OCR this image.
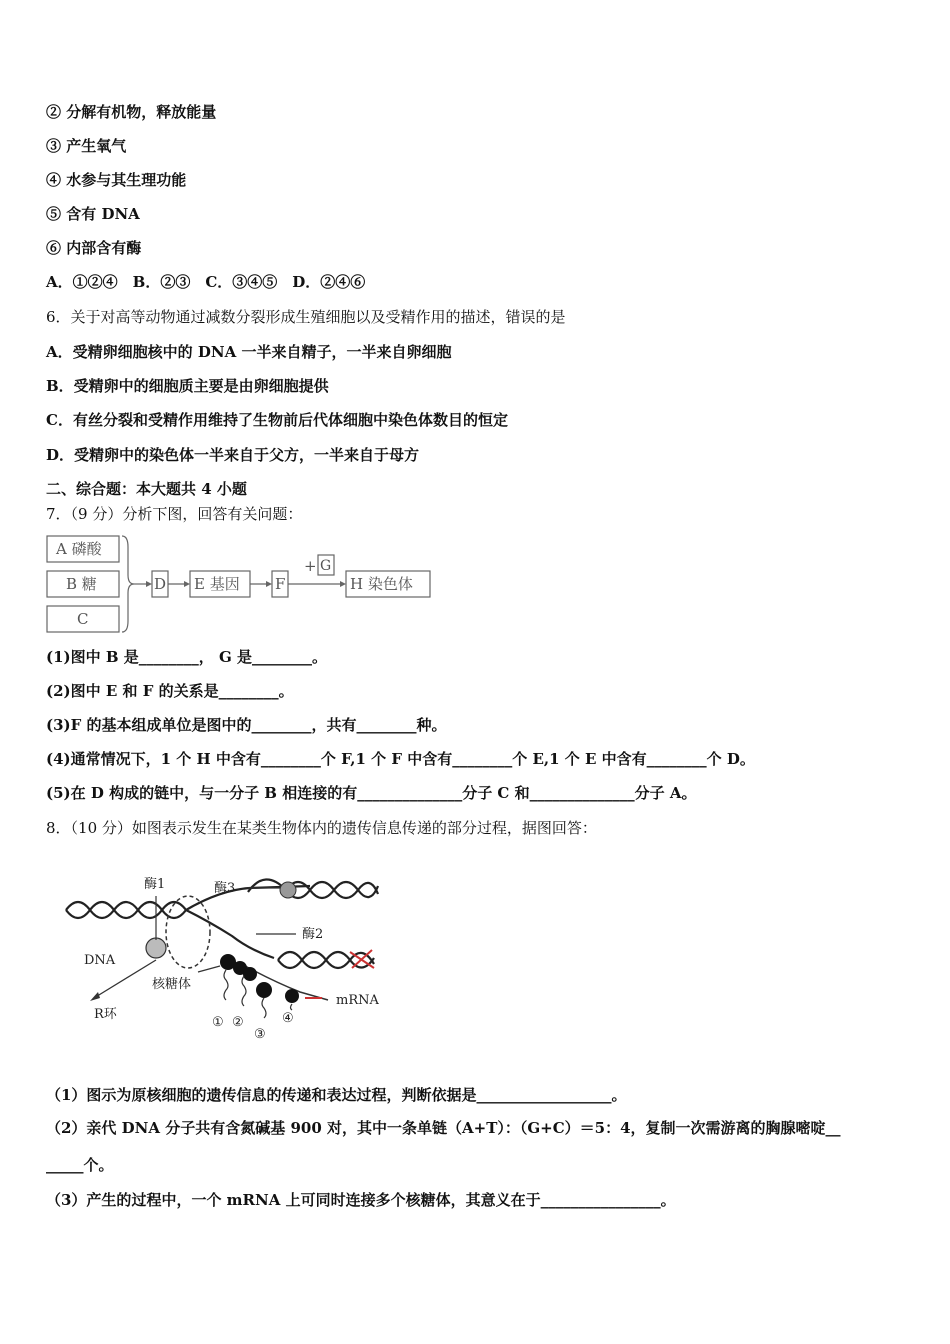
② 分解有机物，释放能量
③ 产生氧气
④ 水参与其生理功能
⑤ 含有 DNA
⑥ 内部含有酶
A．①②④　B．②③　C．③④⑤　D．②④⑥
6．关于对高等动物通过减数分裂形成生殖细胞以及受精作用的描述，错误的是
A．受精卵细胞核中的 DNA 一半来自精子，一半来自卵细胞
B．受精卵中的细胞质主要是由卵细胞提供
C．有丝分裂和受精作用维持了生物前后代体细胞中染色体数目的恒定
D．受精卵中的染色体一半来自于父方，一半来自于母方
二、综合题：本大题共 4 小题
7．（9 分）分析下图，回答有关问题：
A 磷酸
B 糖
C
D E 基因 F
+ G
H 染色体
(1)图中 B 是________， G 是________。
(2)图中 E 和 F 的关系是________。
(3)F 的基本组成单位是图中的________，共有________种。
(4)通常情况下，1 个 H 中含有________个 F,1 个 F 中含有________个 E,1 个 E 中含有________个 D。
(5)在 D 构成的链中，与一分子 B 相连接的有______________分子 C 和______________分子 A。
8．（10 分）如图表示发生在某类生物体内的遗传信息传递的部分过程，据图回答：
酶1	酶3
酶2
DNA
核糖体
R环
mRNA
① ②
③
④
（1）图示为原核细胞的遗传信息的传递和表达过程，判断依据是__________________。
（2）亲代 DNA 分子共有含氮碱基 900 对，其中一条单链（A+T）：（G+C）＝5：4，复制一次需游离的胸腺嘧啶__
_____个。
（3）产生的过程中，一个 mRNA 上可同时连接多个核糖体，其意义在于________________。
